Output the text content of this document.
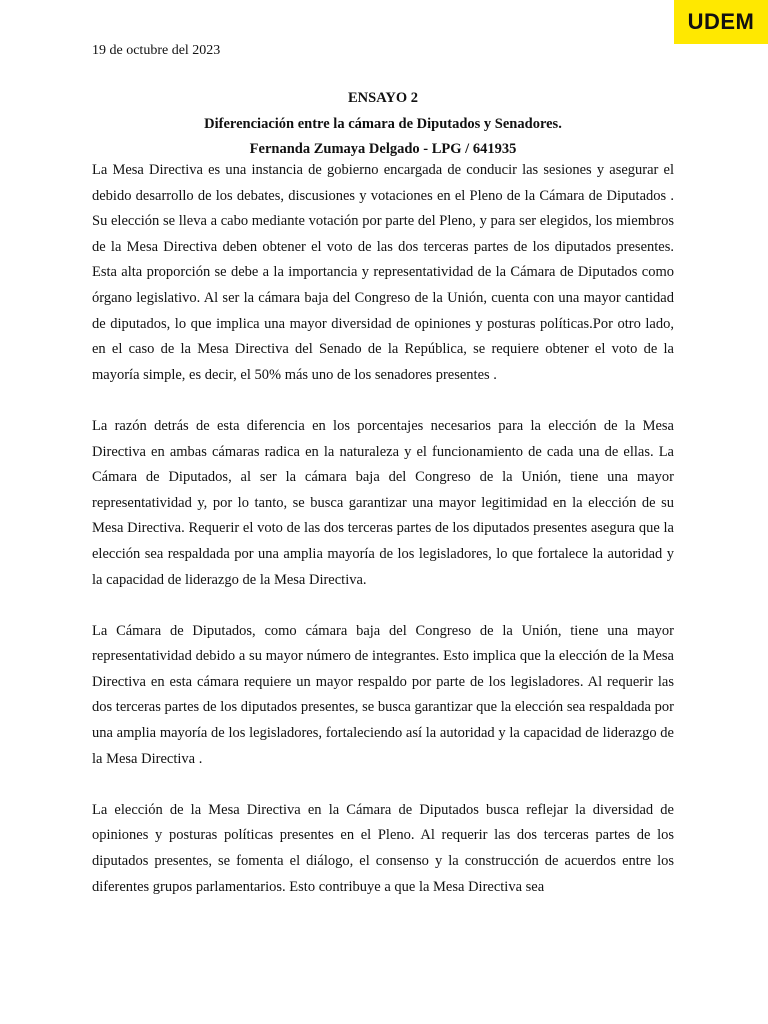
UDEM
19 de octubre del 2023
ENSAYO 2
Diferenciación entre la cámara de Diputados y Senadores.
Fernanda Zumaya Delgado - LPG / 641935

La Mesa Directiva es una instancia de gobierno encargada de conducir las sesiones y asegurar el debido desarrollo de los debates, discusiones y votaciones en el Pleno de la Cámara de Diputados . Su elección se lleva a cabo mediante votación por parte del Pleno, y para ser elegidos, los miembros de la Mesa Directiva deben obtener el voto de las dos terceras partes de los diputados presentes. Esta alta proporción se debe a la importancia y representatividad de la Cámara de Diputados como órgano legislativo. Al ser la cámara baja del Congreso de la Unión, cuenta con una mayor cantidad de diputados, lo que implica una mayor diversidad de opiniones y posturas políticas.Por otro lado, en el caso de la Mesa Directiva del Senado de la República, se requiere obtener el voto de la mayoría simple, es decir, el 50% más uno de los senadores presentes .

La razón detrás de esta diferencia en los porcentajes necesarios para la elección de la Mesa Directiva en ambas cámaras radica en la naturaleza y el funcionamiento de cada una de ellas. La Cámara de Diputados, al ser la cámara baja del Congreso de la Unión, tiene una mayor representatividad y, por lo tanto, se busca garantizar una mayor legitimidad en la elección de su Mesa Directiva. Requerir el voto de las dos terceras partes de los diputados presentes asegura que la elección sea respaldada por una amplia mayoría de los legisladores, lo que fortalece la autoridad y la capacidad de liderazgo de la Mesa Directiva.

La Cámara de Diputados, como cámara baja del Congreso de la Unión, tiene una mayor representatividad debido a su mayor número de integrantes. Esto implica que la elección de la Mesa Directiva en esta cámara requiere un mayor respaldo por parte de los legisladores. Al requerir las dos terceras partes de los diputados presentes, se busca garantizar que la elección sea respaldada por una amplia mayoría de los legisladores, fortaleciendo así la autoridad y la capacidad de liderazgo de la Mesa Directiva .

La elección de la Mesa Directiva en la Cámara de Diputados busca reflejar la diversidad de opiniones y posturas políticas presentes en el Pleno. Al requerir las dos terceras partes de los diputados presentes, se fomenta el diálogo, el consenso y la construcción de acuerdos entre los diferentes grupos parlamentarios. Esto contribuye a que la Mesa Directiva sea
